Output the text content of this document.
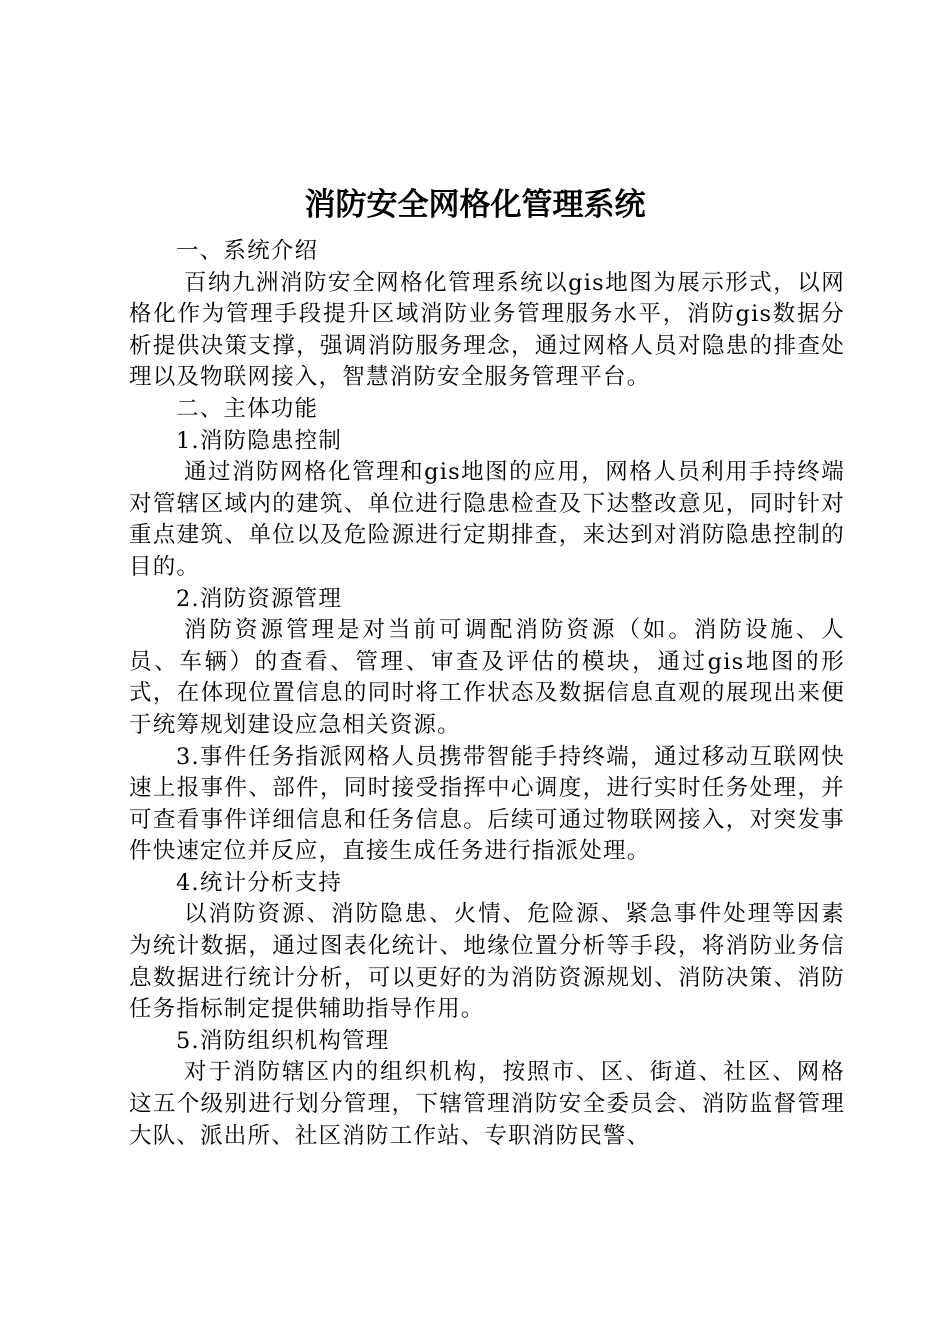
消防安全网格化管理系统

一、系统介绍

百纳九洲消防安全网格化管理系统以gis地图为展示形式，以网格化作为管理手段提升区域消防业务管理服务水平，消防gis数据分析提供决策支撑，强调消防服务理念，通过网格人员对隐患的排查处理以及物联网接入，智慧消防安全服务管理平台。

二、主体功能

1.消防隐患控制

通过消防网格化管理和gis地图的应用，网格人员利用手持终端对管辖区域内的建筑、单位进行隐患检查及下达整改意见，同时针对重点建筑、单位以及危险源进行定期排查，来达到对消防隐患控制的目的。

2.消防资源管理

消防资源管理是对当前可调配消防资源（如。消防设施、人员、车辆）的查看、管理、审查及评估的模块，通过gis地图的形式，在体现位置信息的同时将工作状态及数据信息直观的展现出来便于统筹规划建设应急相关资源。

3.事件任务指派网格人员携带智能手持终端，通过移动互联网快速上报事件、部件，同时接受指挥中心调度，进行实时任务处理，并可查看事件详细信息和任务信息。后续可通过物联网接入，对突发事件快速定位并反应，直接生成任务进行指派处理。

4.统计分析支持

以消防资源、消防隐患、火情、危险源、紧急事件处理等因素为统计数据，通过图表化统计、地缘位置分析等手段，将消防业务信息数据进行统计分析，可以更好的为消防资源规划、消防决策、消防任务指标制定提供辅助指导作用。

5.消防组织机构管理

对于消防辖区内的组织机构，按照市、区、街道、社区、网格这五个级别进行划分管理，下辖管理消防安全委员会、消防监督管理大队、派出所、社区消防工作站、专职消防民警、
